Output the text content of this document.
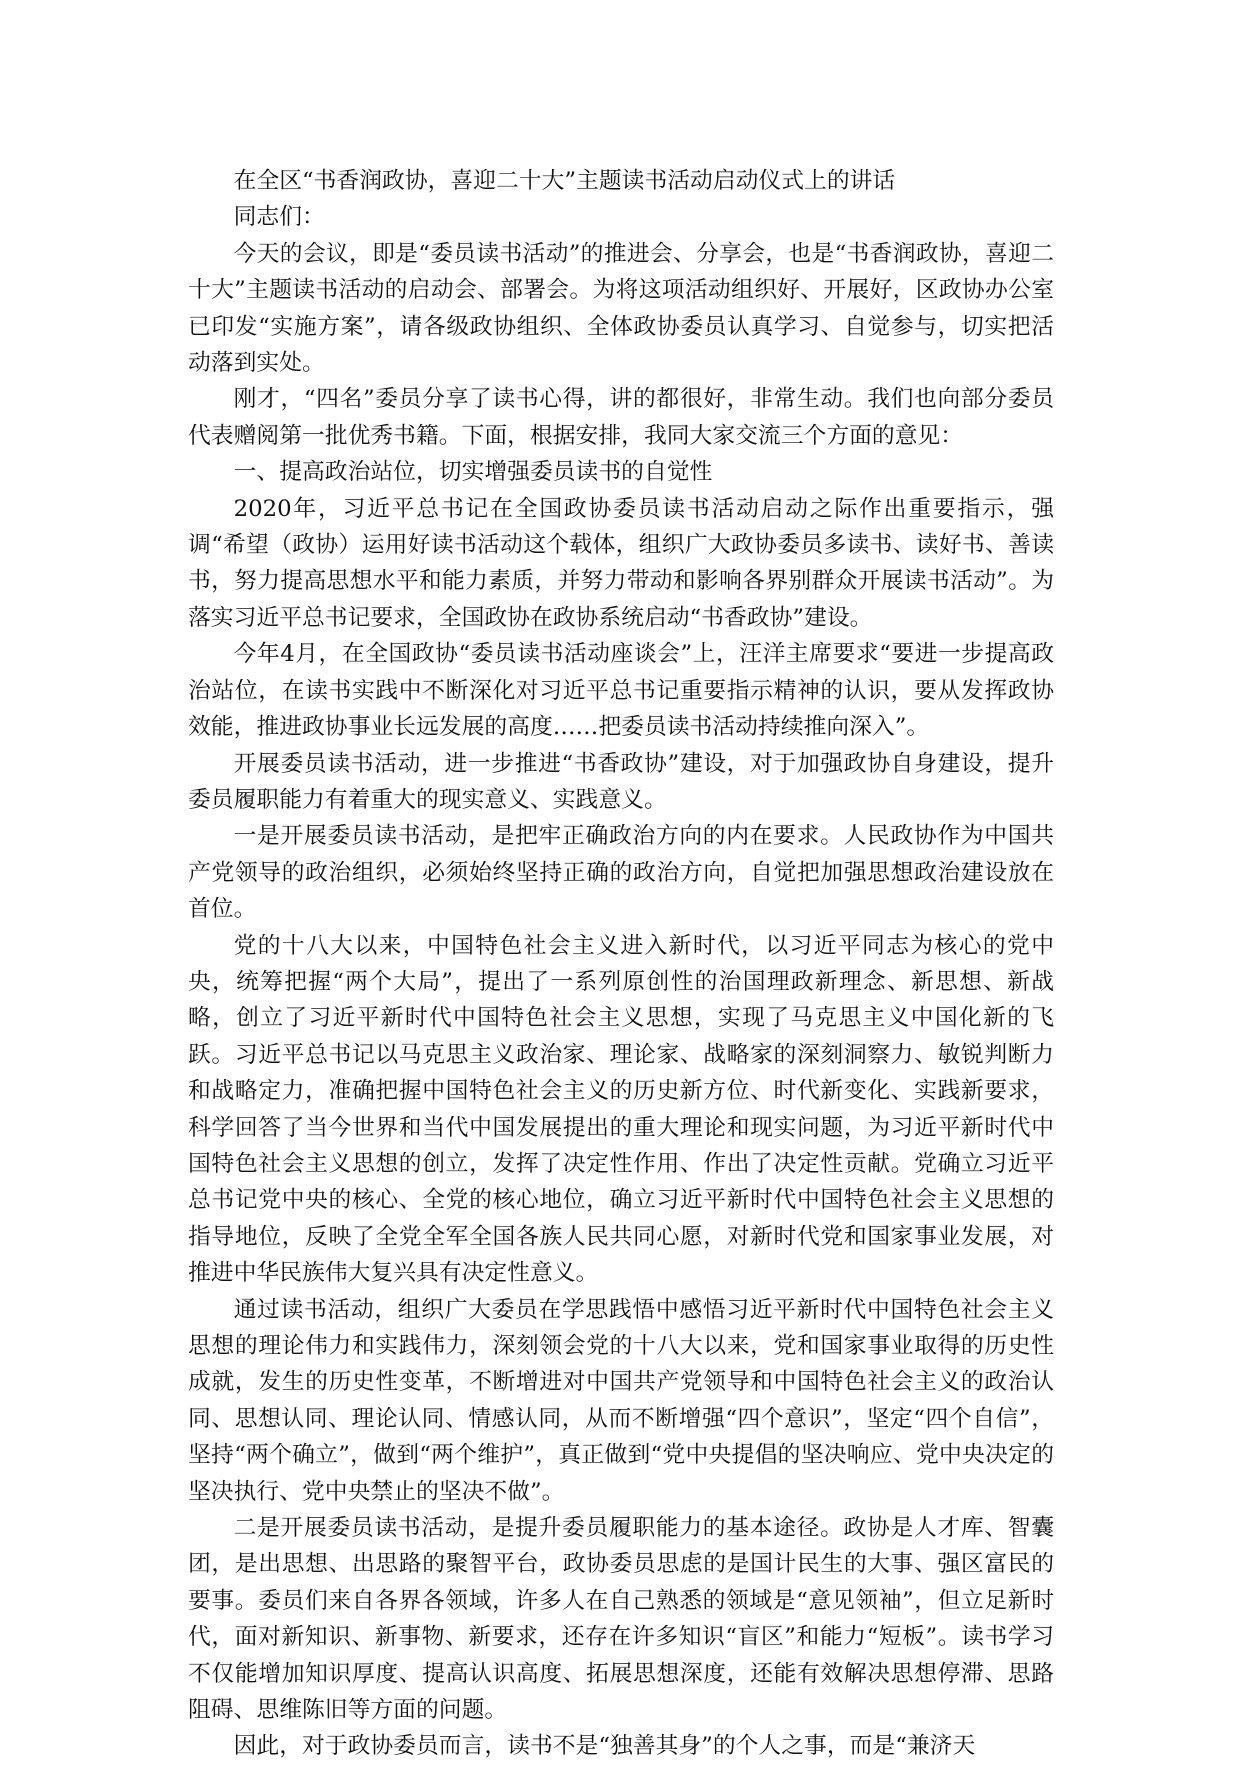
在全区“书香润政协，喜迎二十大”主题读书活动启动仪式上的讲话

同志们：

今天的会议，即是“委员读书活动”的推进会、分享会，也是“书香润政协，喜迎二十大”主题读书活动的启动会、部署会。为将这项活动组织好、开展好，区政协办公室已印发“实施方案”，请各级政协组织、全体政协委员认真学习、自觉参与，切实把活动落到实处。

刚才，“四名”委员分享了读书心得，讲的都很好，非常生动。我们也向部分委员代表赠阅第一批优秀书籍。下面，根据安排，我同大家交流三个方面的意见：

一、提高政治站位，切实增强委员读书的自觉性

2020年，习近平总书记在全国政协委员读书活动启动之际作出重要指示，强调“希望（政协）运用好读书活动这个载体，组织广大政协委员多读书、读好书、善读书，努力提高思想水平和能力素质，并努力带动和影响各界别群众开展读书活动”。为落实习近平总书记要求，全国政协在政协系统启动“书香政协”建设。

今年4月，在全国政协“委员读书活动座谈会”上，汪洋主席要求“要进一步提高政治站位，在读书实践中不断深化对习近平总书记重要指示精神的认识，要从发挥政协效能，推进政协事业长远发展的高度……把委员读书活动持续推向深入”。

开展委员读书活动，进一步推进“书香政协”建设，对于加强政协自身建设，提升委员履职能力有着重大的现实意义、实践意义。

一是开展委员读书活动，是把牢正确政治方向的内在要求。人民政协作为中国共产党领导的政治组织，必须始终坚持正确的政治方向，自觉把加强思想政治建设放在首位。

党的十八大以来，中国特色社会主义进入新时代，以习近平同志为核心的党中央，统筹把握“两个大局”，提出了一系列原创性的治国理政新理念、新思想、新战略，创立了习近平新时代中国特色社会主义思想，实现了马克思主义中国化新的飞跃。习近平总书记以马克思主义政治家、理论家、战略家的深刻洞察力、敏锐判断力和战略定力，准确把握中国特色社会主义的历史新方位、时代新变化、实践新要求，科学回答了当今世界和当代中国发展提出的重大理论和现实问题，为习近平新时代中国特色社会主义思想的创立，发挥了决定性作用、作出了决定性贡献。党确立习近平总书记党中央的核心、全党的核心地位，确立习近平新时代中国特色社会主义思想的指导地位，反映了全党全军全国各族人民共同心愿，对新时代党和国家事业发展，对推进中华民族伟大复兴具有决定性意义。

通过读书活动，组织广大委员在学思践悟中感悟习近平新时代中国特色社会主义思想的理论伟力和实践伟力，深刻领会党的十八大以来，党和国家事业取得的历史性成就，发生的历史性变革，不断增进对中国共产党领导和中国特色社会主义的政治认同、思想认同、理论认同、情感认同，从而不断增强“四个意识”，坚定“四个自信”，坚持“两个确立”，做到“两个维护”，真正做到“党中央提倡的坚决响应、党中央决定的坚决执行、党中央禁止的坚决不做”。

二是开展委员读书活动，是提升委员履职能力的基本途径。政协是人才库、智囊团，是出思想、出思路的聚智平台，政协委员思虑的是国计民生的大事、强区富民的要事。委员们来自各界各领域，许多人在自己熟悉的领域是“意见领袖”，但立足新时代，面对新知识、新事物、新要求，还存在许多知识“盲区”和能力“短板”。读书学习不仅能增加知识厚度、提高认识高度、拓展思想深度，还能有效解决思想停滞、思路阻碍、思维陈旧等方面的问题。

因此，对于政协委员而言，读书不是“独善其身”的个人之事，而是“兼济天
